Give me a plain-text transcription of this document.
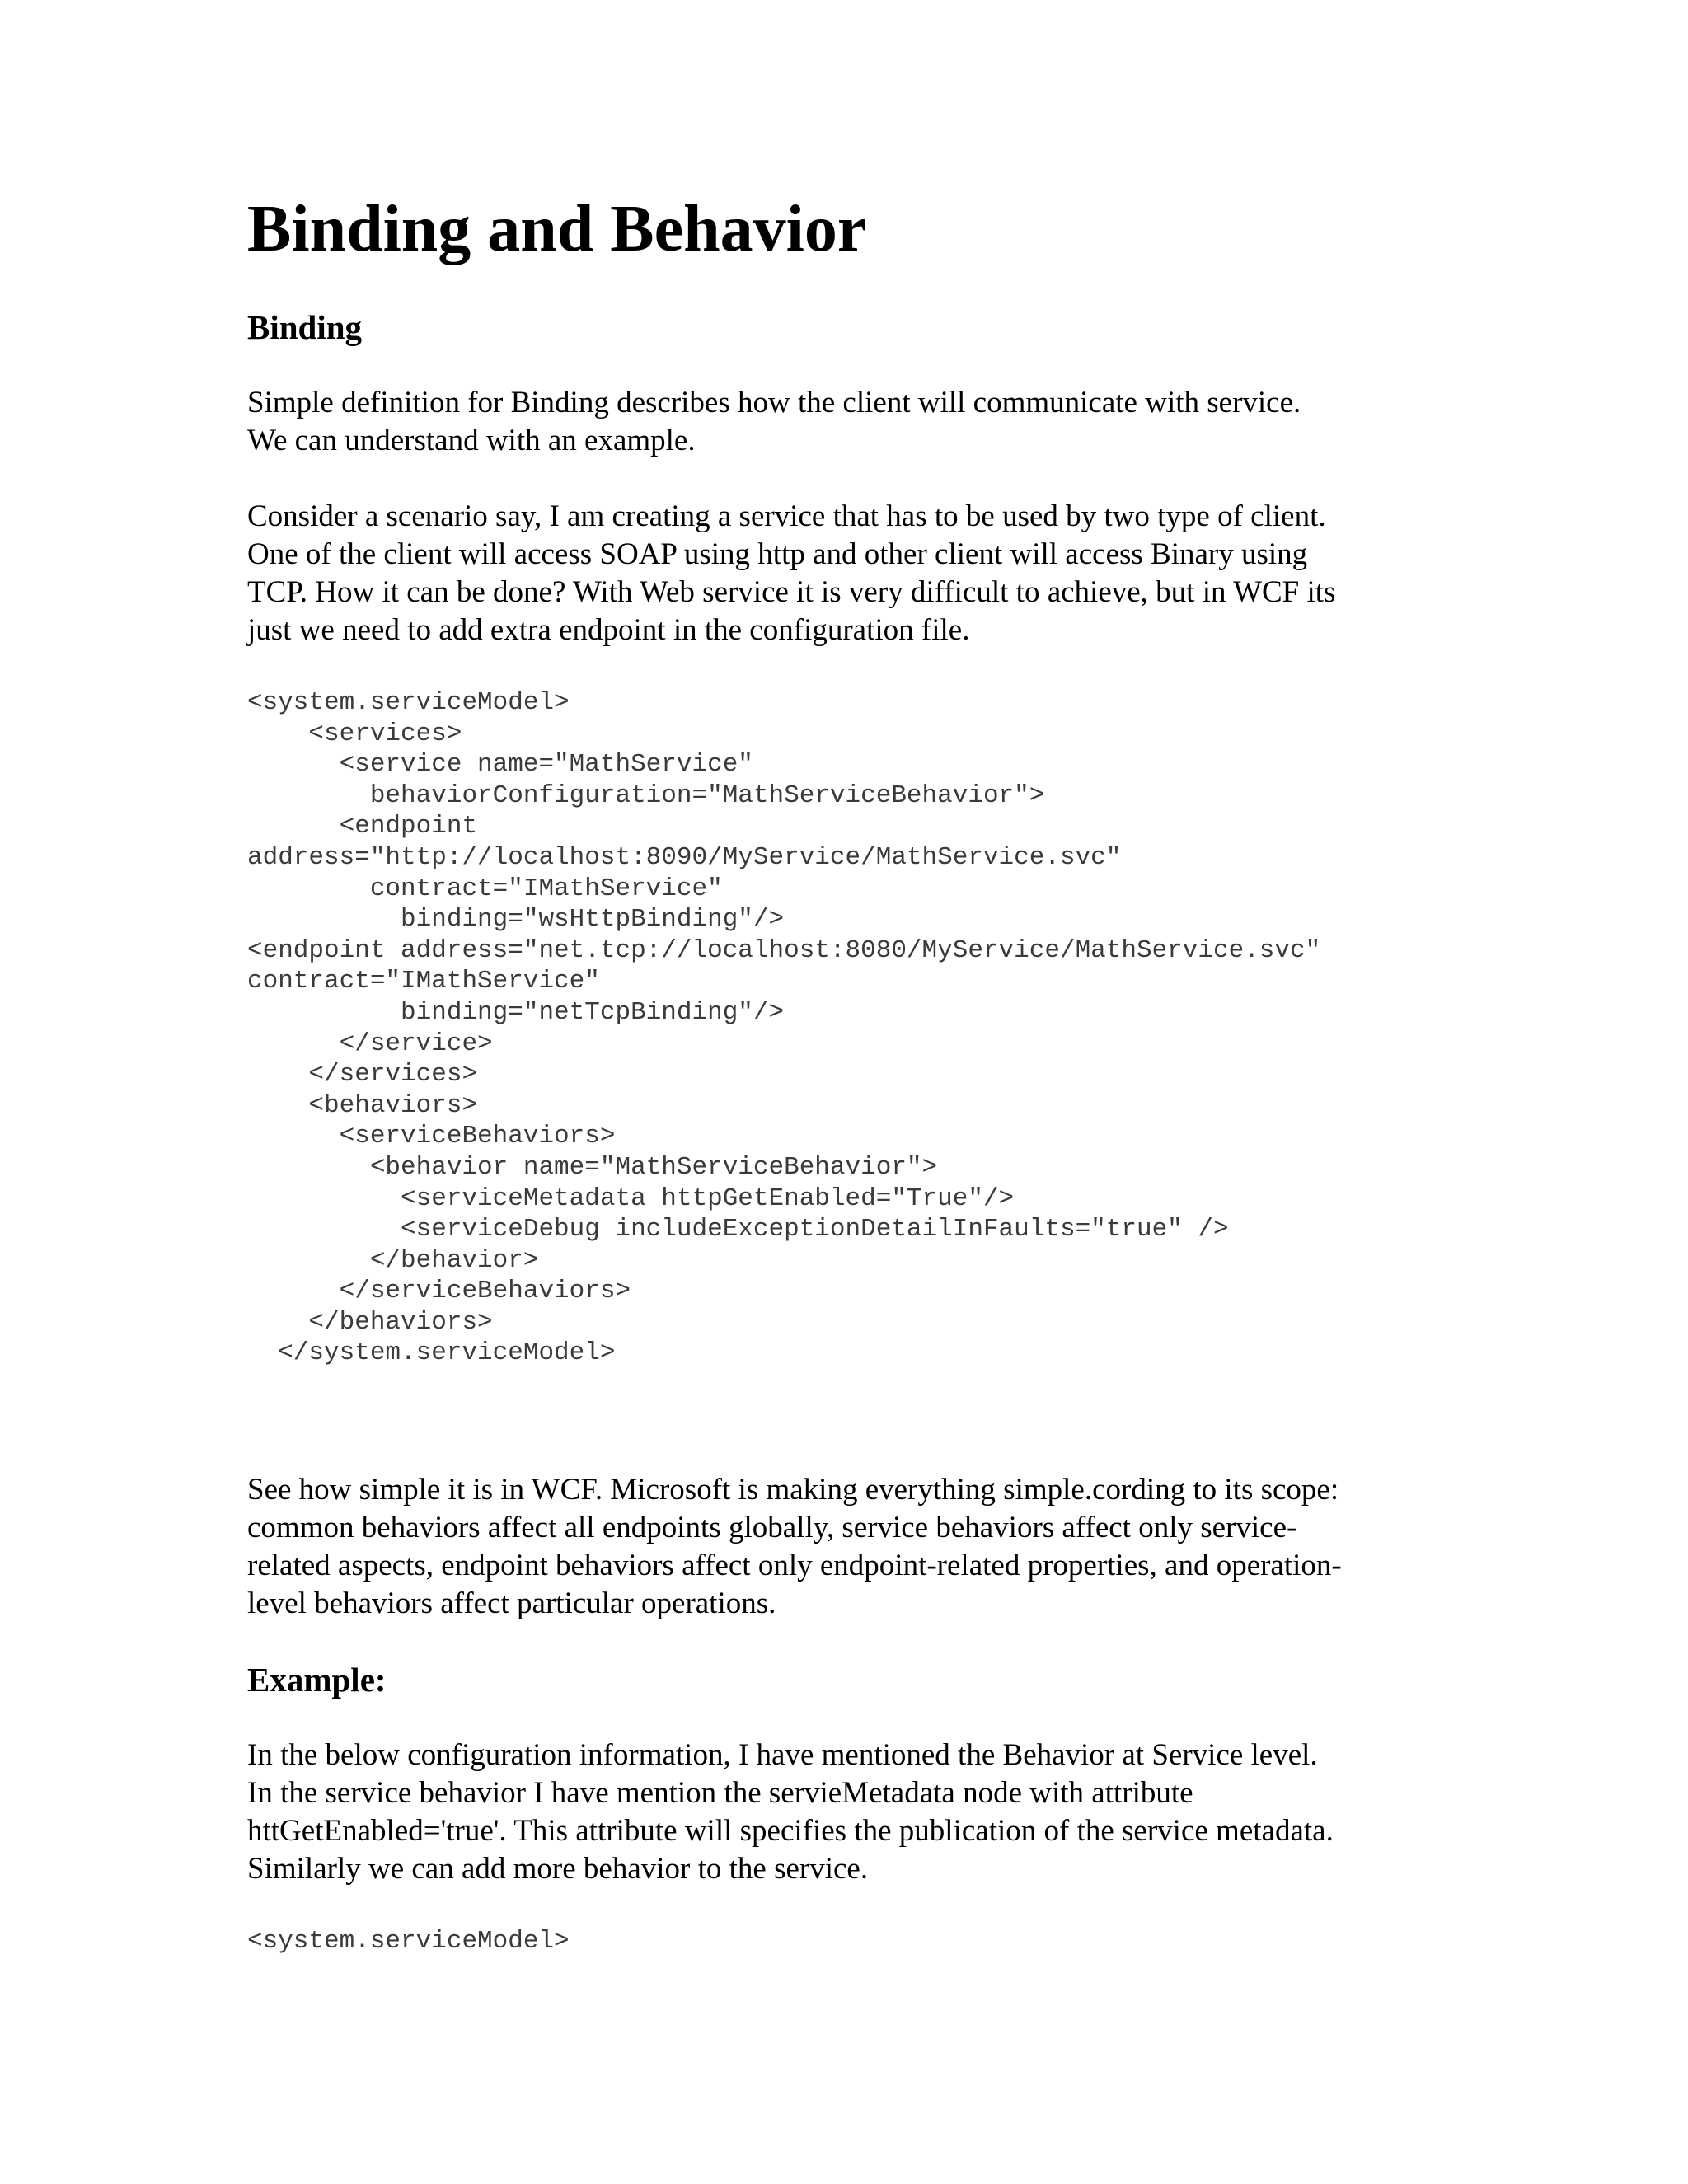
Binding and Behavior
Binding

Simple definition for Binding describes how the client will communicate with service.
We can understand with an example.

Consider a scenario say, I am creating a service that has to be used by two type of client.
One of the client will access SOAP using http and other client will access Binary using
TCP. How it can be done? With Web service it is very difficult to achieve, but in WCF its
just we need to add extra endpoint in the configuration file.

<system.serviceModel>
<services>
<service name="MathService"
behaviorConfiguration="MathServiceBehavior">
<endpoint
address="http://localhost:8090/MyService/MathService.svc"
contract="IMathService"
binding="wsHttpBinding"/>
<endpoint address="net.tcp://localhost:8080/MyService/MathService.svc"
contract="IMathService"
binding="netTcpBinding"/>
</service>
</services>
<behaviors>
<serviceBehaviors>
<behavior name="MathServiceBehavior">
<serviceMetadata httpGetEnabled="True"/>
<serviceDebug includeExceptionDetailInFaults="true" />
</behavior>
</serviceBehaviors>
</behaviors>
</system.serviceModel>

See how simple it is in WCF. Microsoft is making everything simple.cording to its scope:
common behaviors affect all endpoints globally, service behaviors affect only service-
related aspects, endpoint behaviors affect only endpoint-related properties, and operation-
level behaviors affect particular operations.

Example:

In the below configuration information, I have mentioned the Behavior at Service level.
In the service behavior I have mention the servieMetadata node with attribute
httGetEnabled='true'. This attribute will specifies the publication of the service metadata.
Similarly we can add more behavior to the service.

<system.serviceModel>
